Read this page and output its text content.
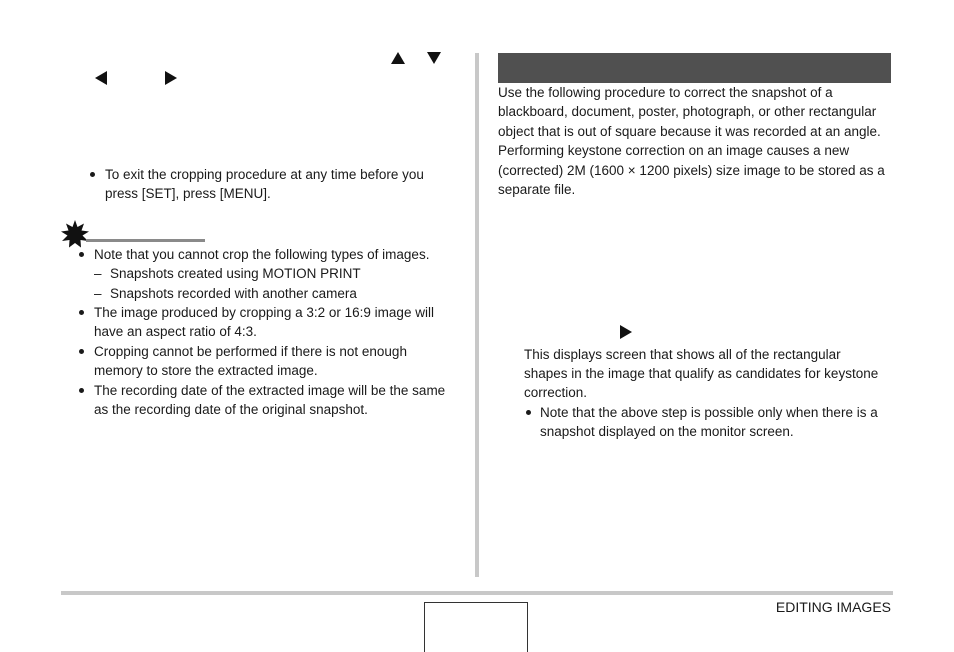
To exit the cropping procedure at any time before you
press [SET], press [MENU].
Note that you cannot crop the following types of images.
– Snapshots created using MOTION PRINT
– Snapshots recorded with another camera
The image produced by cropping a 3:2 or 16:9 image will
have an aspect ratio of 4:3.
Cropping cannot be performed if there is not enough
memory to store the extracted image.
The recording date of the extracted image will be the same
as the recording date of the original snapshot.
Use the following procedure to correct the snapshot of a
blackboard, document, poster, photograph, or other rectangular
object that is out of square because it was recorded at an angle.
Performing keystone correction on an image causes a new
(corrected) 2M (1600 × 1200 pixels) size image to be stored as a
separate file.
This displays screen that shows all of the rectangular
shapes in the image that qualify as candidates for keystone
correction.
Note that the above step is possible only when there is a
snapshot displayed on the monitor screen.
EDITING IMAGES
